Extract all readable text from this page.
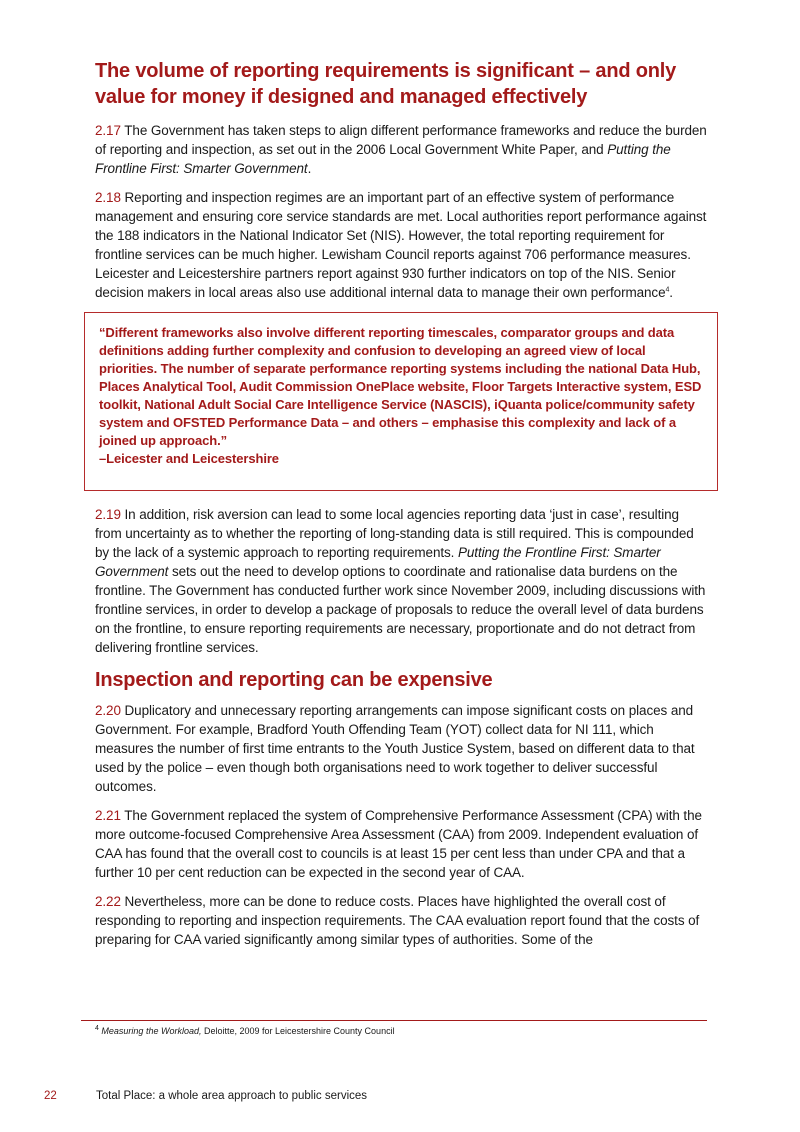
The volume of reporting requirements is significant – and only value for money if designed and managed effectively

2.17 The Government has taken steps to align different performance frameworks and reduce the burden of reporting and inspection, as set out in the 2006 Local Government White Paper, and Putting the Frontline First: Smarter Government.

2.18 Reporting and inspection regimes are an important part of an effective system of performance management and ensuring core service standards are met. Local authorities report performance against the 188 indicators in the National Indicator Set (NIS). However, the total reporting requirement for frontline services can be much higher. Lewisham Council reports against 706 performance measures. Leicester and Leicestershire partners report against 930 further indicators on top of the NIS. Senior decision makers in local areas also use additional internal data to manage their own performance$^4$.

“Different frameworks also involve different reporting timescales, comparator groups and data definitions adding further complexity and confusion to developing an agreed view of local priorities. The number of separate performance reporting systems including the national Data Hub, Places Analytical Tool, Audit Commission OnePlace website, Floor Targets Interactive system, ESD toolkit, National Adult Social Care Intelligence Service (NASCIS), iQuanta police/community safety system and OFSTED Performance Data – and others – emphasise this complexity and lack of a joined up approach.”

–Leicester and Leicestershire

2.19 In addition, risk aversion can lead to some local agencies reporting data ‘just in case’, resulting from uncertainty as to whether the reporting of long-standing data is still required. This is compounded by the lack of a systemic approach to reporting requirements. Putting the Frontline First: Smarter Government sets out the need to develop options to coordinate and rationalise data burdens on the frontline. The Government has conducted further work since November 2009, including discussions with frontline services, in order to develop a package of proposals to reduce the overall level of data burdens on the frontline, to ensure reporting requirements are necessary, proportionate and do not detract from delivering frontline services.

Inspection and reporting can be expensive

2.20 Duplicatory and unnecessary reporting arrangements can impose significant costs on places and Government. For example, Bradford Youth Offending Team (YOT) collect data for NI 111, which measures the number of first time entrants to the Youth Justice System, based on different data to that used by the police – even though both organisations need to work together to deliver successful outcomes.

2.21 The Government replaced the system of Comprehensive Performance Assessment (CPA) with the more outcome-focused Comprehensive Area Assessment (CAA) from 2009. Independent evaluation of CAA has found that the overall cost to councils is at least 15 per cent less than under CPA and that a further 10 per cent reduction can be expected in the second year of CAA.

2.22 Nevertheless, more can be done to reduce costs. Places have highlighted the overall cost of responding to reporting and inspection requirements. The CAA evaluation report found that the costs of preparing for CAA varied significantly among similar types of authorities. Some of the

$^4$ Measuring the Workload, Deloitte, 2009 for Leicestershire County Council
22	Total Place: a whole area approach to public services
